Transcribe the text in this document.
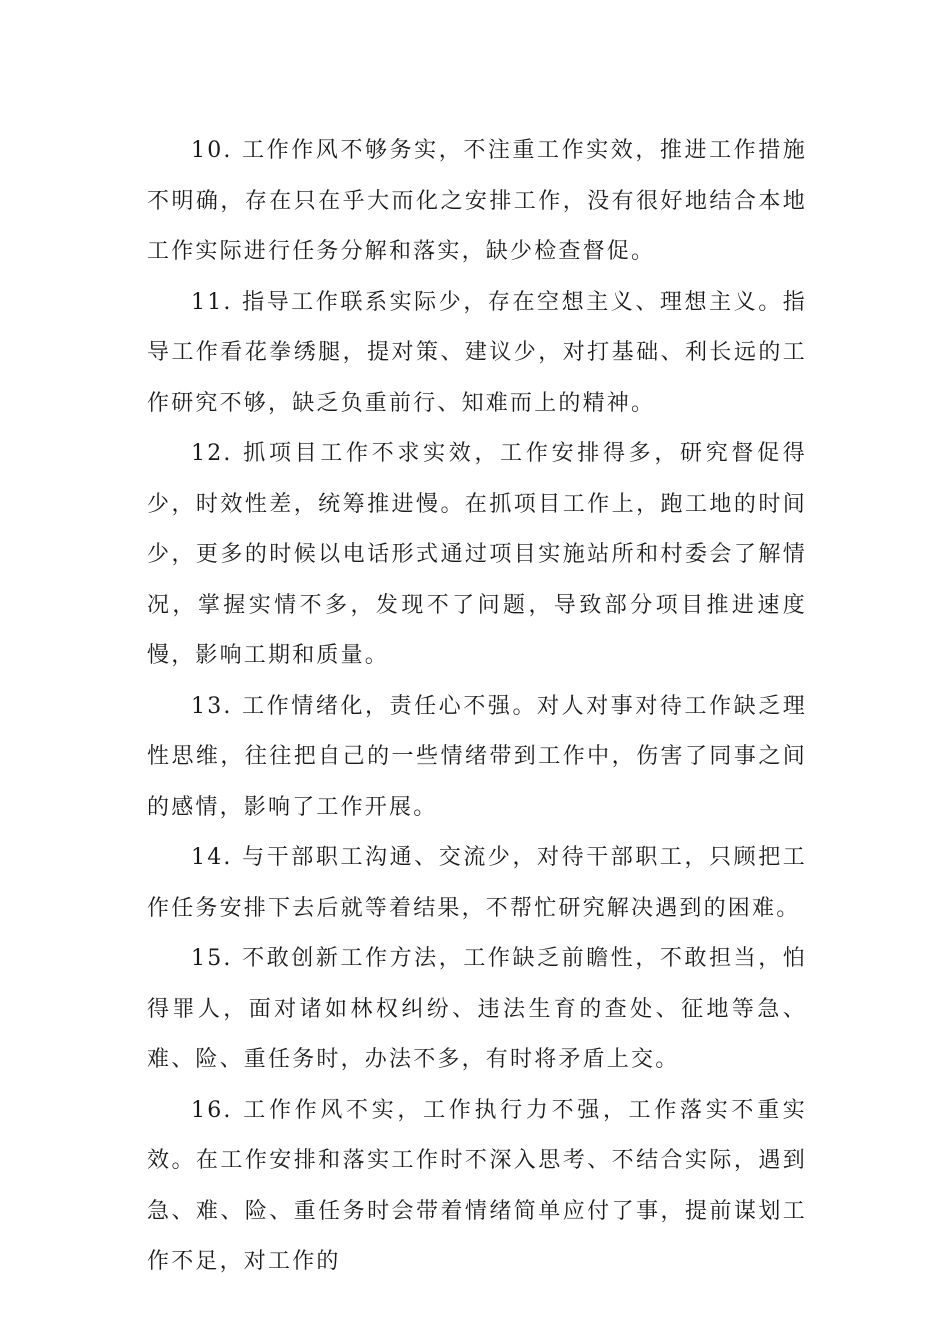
10. 工作作风不够务实，不注重工作实效，推进工作措施不明确，存在只在乎大而化之安排工作，没有很好地结合本地工作实际进行任务分解和落实，缺少检查督促。

11. 指导工作联系实际少，存在空想主义、理想主义。指导工作看花拳绣腿，提对策、建议少，对打基础、利长远的工作研究不够，缺乏负重前行、知难而上的精神。

12. 抓项目工作不求实效，工作安排得多，研究督促得少，时效性差，统筹推进慢。在抓项目工作上，跑工地的时间少，更多的时候以电话形式通过项目实施站所和村委会了解情况，掌握实情不多，发现不了问题，导致部分项目推进速度慢，影响工期和质量。

13. 工作情绪化，责任心不强。对人对事对待工作缺乏理性思维，往往把自己的一些情绪带到工作中，伤害了同事之间的感情，影响了工作开展。

14. 与干部职工沟通、交流少，对待干部职工，只顾把工作任务安排下去后就等着结果，不帮忙研究解决遇到的困难。

15. 不敢创新工作方法，工作缺乏前瞻性，不敢担当，怕得罪人，面对诸如林权纠纷、违法生育的查处、征地等急、难、险、重任务时，办法不多，有时将矛盾上交。

16. 工作作风不实，工作执行力不强，工作落实不重实效。在工作安排和落实工作时不深入思考、不结合实际，遇到急、难、险、重任务时会带着情绪简单应付了事，提前谋划工作不足，对工作的
